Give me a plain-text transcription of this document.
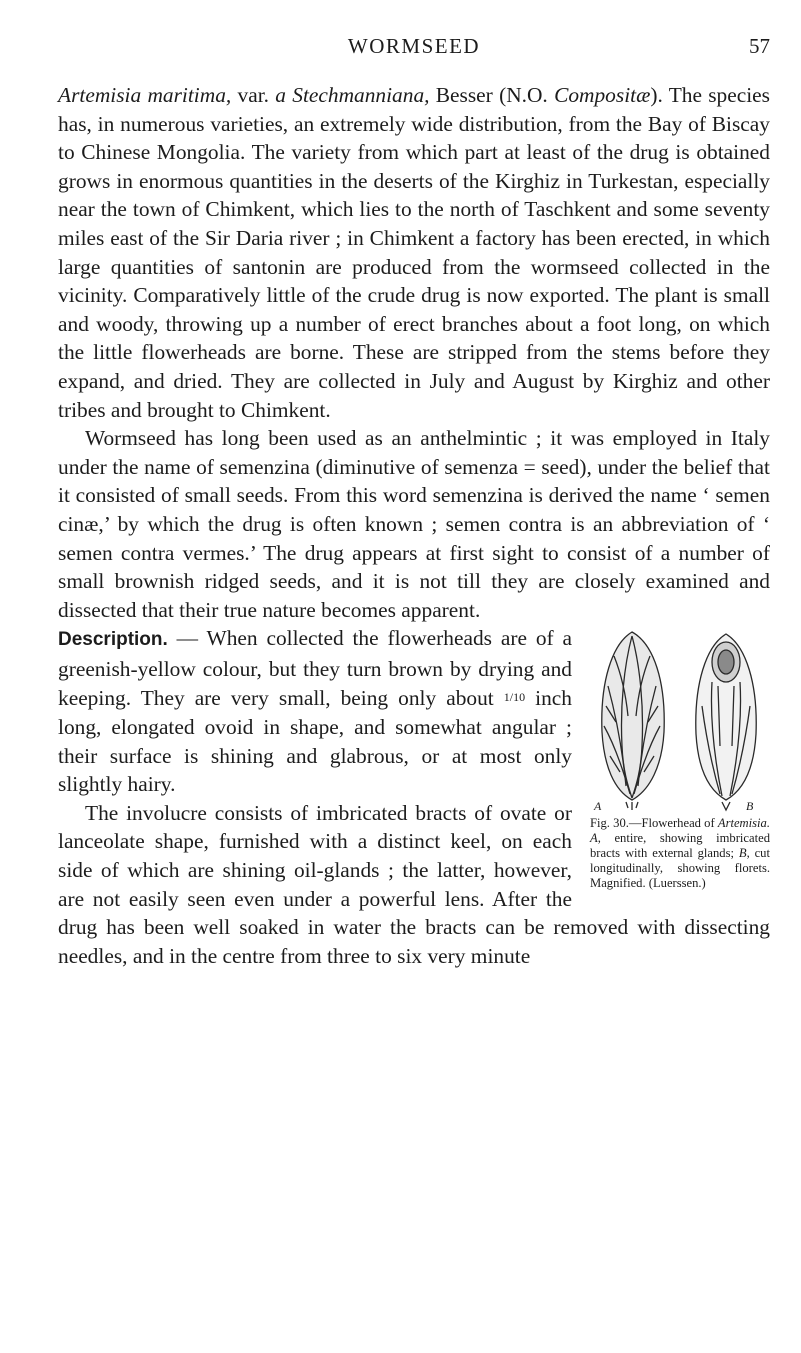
WORMSEED	57

Artemisia maritima, var. a Stechmanniana, Besser (N.O. Compositæ). The species has, in numerous varieties, an extremely wide distribution, from the Bay of Biscay to Chinese Mongolia. The variety from which part at least of the drug is obtained grows in enormous quantities in the deserts of the Kirghiz in Turkestan, especially near the town of Chimkent, which lies to the north of Taschkent and some seventy miles east of the Sir Daria river ; in Chimkent a factory has been erected, in which large quantities of santonin are produced from the wormseed collected in the vicinity. Comparatively little of the crude drug is now exported. The plant is small and woody, throwing up a number of erect branches about a foot long, on which the little flowerheads are borne. These are stripped from the stems before they expand, and dried. They are collected in July and August by Kirghiz and other tribes and brought to Chimkent.

Wormseed has long been used as an anthelmintic ; it was employed in Italy under the name of semenzina (diminutive of semenza = seed), under the belief that it consisted of small seeds. From this word semenzina is derived the name ‘ semen cinæ,’ by which the drug is often known ; semen contra is an abbreviation of ‘ semen contra vermes.’ The drug appears at first sight to consist of a number of small brownish ridged seeds, and it is not till they are closely examined and dissected that their true nature becomes apparent.

A	B
Fig. 30.—Flowerhead of Artemisia. A, entire, showing imbricated bracts with external glands; B, cut longitudinally, showing florets. Magnified. (Luerssen.)

Description. — When collected the flowerheads are of a greenish-yellow colour, but they turn brown by drying and keeping. They are very small, being only about 1/10 inch long, elongated ovoid in shape, and somewhat angular ; their surface is shining and glabrous, or at most only slightly hairy.

The involucre consists of imbricated bracts of ovate or lanceolate shape, furnished with a distinct keel, on each side of which are shining oil-glands ; the latter, however, are not easily seen even under a powerful lens. After the drug has been well soaked in water the bracts can be removed with dissecting needles, and in the centre from three to six very minute
